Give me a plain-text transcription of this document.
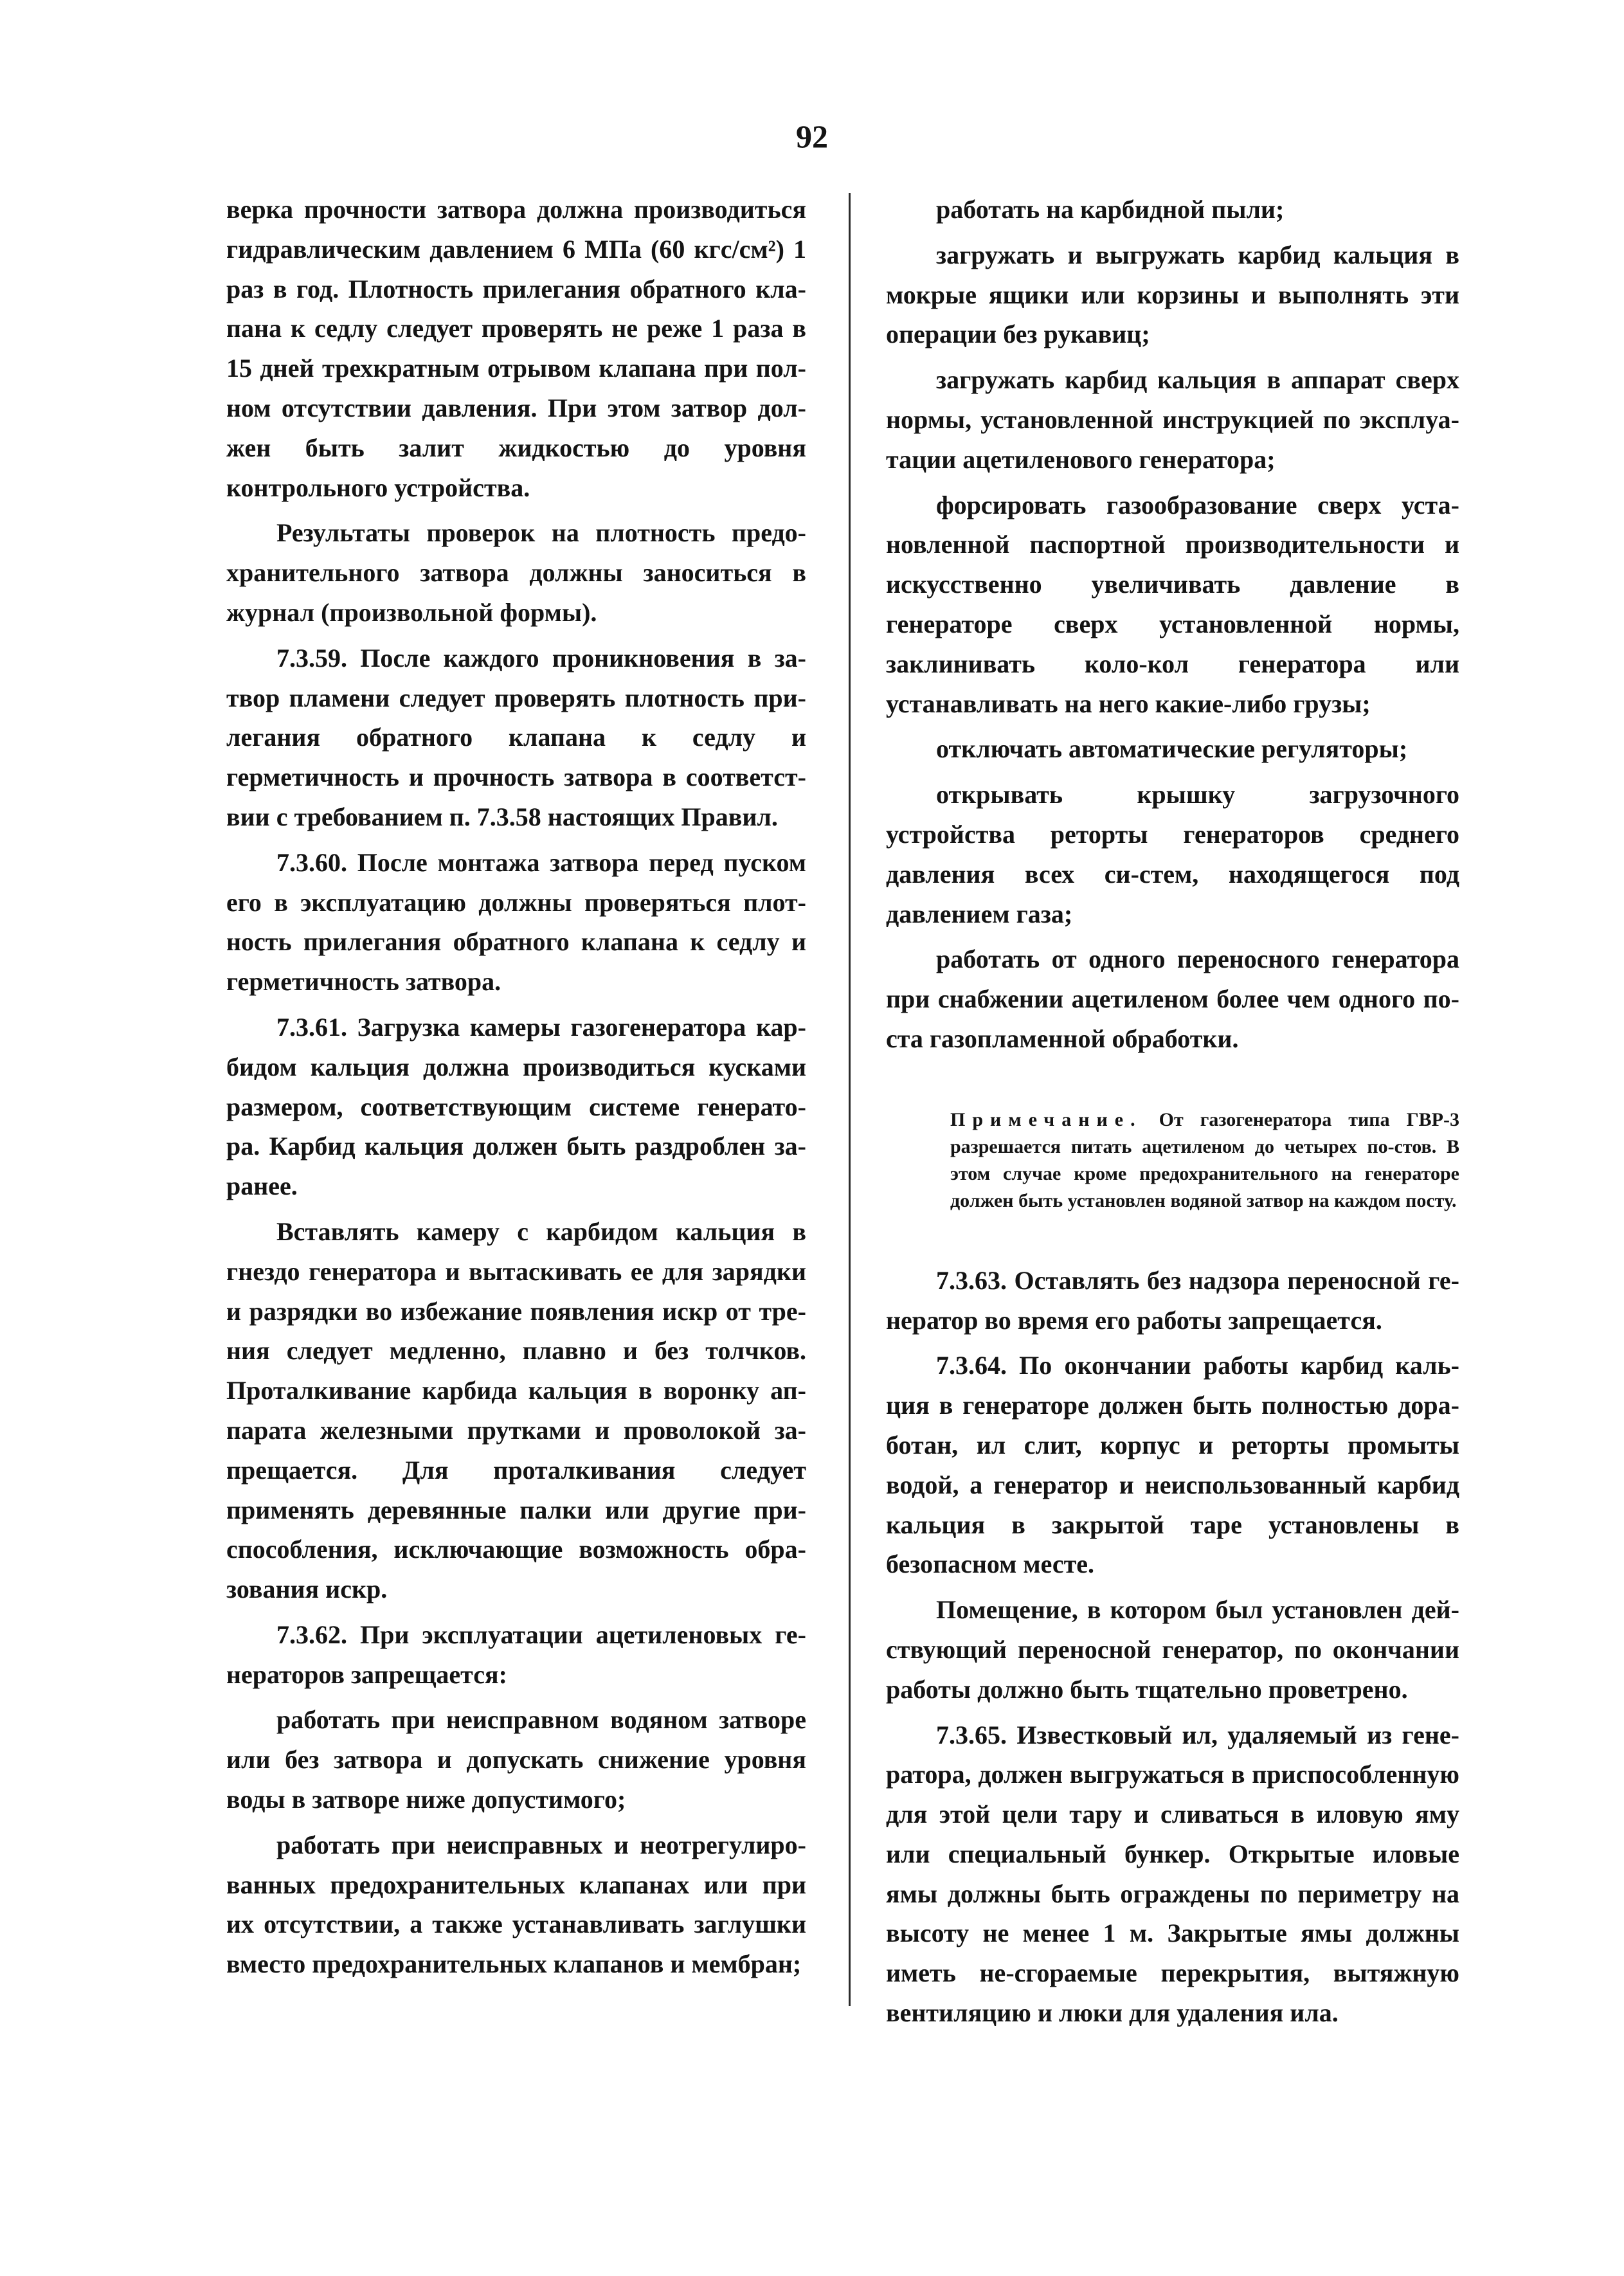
92

верка прочности затвора должна производиться гидравлическим давлением 6 МПа (60 кгс/см²) 1 раз в год. Плотность прилегания обратного кла-пана к седлу следует проверять не реже 1 раза в 15 дней трехкратным отрывом клапана при пол-ном отсутствии давления. При этом затвор дол-жен быть залит жидкостью до уровня контрольного устройства.

Результаты проверок на плотность предо-хранительного затвора должны заноситься в журнал (произвольной формы).

7.3.59. После каждого проникновения в за-твор пламени следует проверять плотность при-легания обратного клапана к седлу и герметичность и прочность затвора в соответст-вии с требованием п. 7.3.58 настоящих Правил.

7.3.60. После монтажа затвора перед пуском его в эксплуатацию должны проверяться плот-ность прилегания обратного клапана к седлу и герметичность затвора.

7.3.61. Загрузка камеры газогенератора кар-бидом кальция должна производиться кусками размером, соответствующим системе генерато-ра. Карбид кальция должен быть раздроблен за-ранее.

Вставлять камеру с карбидом кальция в гнездо генератора и вытаскивать ее для зарядки и разрядки во избежание появления искр от тре-ния следует медленно, плавно и без толчков. Проталкивание карбида кальция в воронку ап-парата железными прутками и проволокой за-прещается. Для проталкивания следует применять деревянные палки или другие при-способления, исключающие возможность обра-зования искр.

7.3.62. При эксплуатации ацетиленовых ге-нераторов запрещается:

работать при неисправном водяном затворе или без затвора и допускать снижение уровня воды в затворе ниже допустимого;

работать при неисправных и неотрегулиро-ванных предохранительных клапанах или при их отсутствии, а также устанавливать заглушки вместо предохранительных клапанов и мембран;

работать на карбидной пыли;

загружать и выгружать карбид кальция в мокрые ящики или корзины и выполнять эти операции без рукавиц;

загружать карбид кальция в аппарат сверх нормы, установленной инструкцией по эксплуа-тации ацетиленового генератора;

форсировать газообразование сверх уста-новленной паспортной производительности и искусственно увеличивать давление в генераторе сверх установленной нормы, заклинивать коло-кол генератора или устанавливать на него какие-либо грузы;

отключать автоматические регуляторы;

открывать крышку загрузочного устройства реторты генераторов среднего давления всех си-стем, находящегося под давлением газа;

работать от одного переносного генератора при снабжении ацетиленом более чем одного по-ста газопламенной обработки.

Примечание. От газогенератора типа ГВР-3 разрешается питать ацетиленом до четырех по-стов. В этом случае кроме предохранительного на генераторе должен быть установлен водяной затвор на каждом посту.

7.3.63. Оставлять без надзора переносной ге-нератор во время его работы запрещается.

7.3.64. По окончании работы карбид каль-ция в генераторе должен быть полностью дора-ботан, ил слит, корпус и реторты промыты водой, а генератор и неиспользованный карбид кальция в закрытой таре установлены в безопасном месте.

Помещение, в котором был установлен дей-ствующий переносной генератор, по окончании работы должно быть тщательно проветрено.

7.3.65. Известковый ил, удаляемый из гене-ратора, должен выгружаться в приспособленную для этой цели тару и сливаться в иловую яму или специальный бункер. Открытые иловые ямы должны быть ограждены по периметру на высоту не менее 1 м. Закрытые ямы должны иметь не-сгораемые перекрытия, вытяжную вентиляцию и люки для удаления ила.
